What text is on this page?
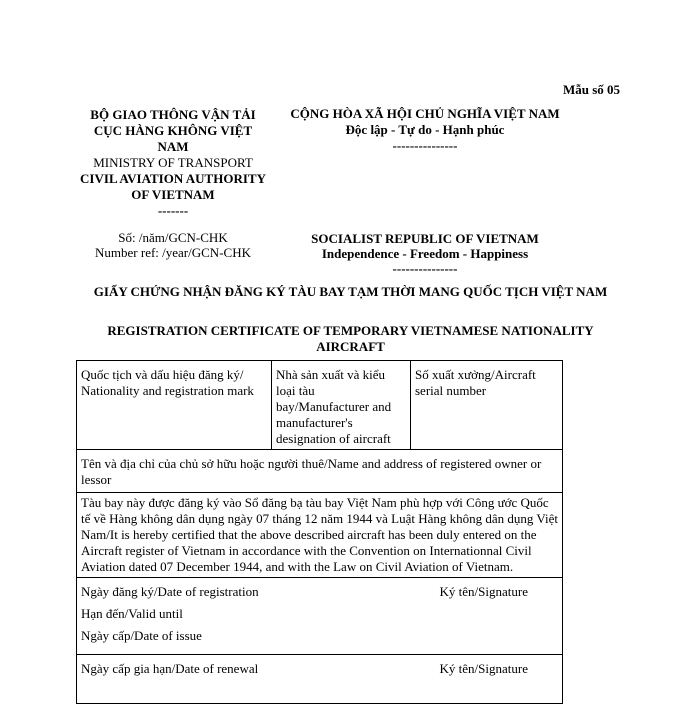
Mẫu số 05
BỘ GIAO THÔNG VẬN TẢI
CỤC HÀNG KHÔNG VIỆT NAM
MINISTRY OF TRANSPORT
CIVIL AVIATION AUTHORITY OF VIETNAM
-------
CỘNG HÒA XÃ HỘI CHỦ NGHĨA VIỆT NAM
Độc lập - Tự do - Hạnh phúc
---------------
Số: /năm/GCN-CHK
Number ref: /year/GCN-CHK
SOCIALIST REPUBLIC OF VIETNAM
Independence - Freedom - Happiness
---------------
GIẤY CHỨNG NHẬN ĐĂNG KÝ TÀU BAY TẠM THỜI MANG QUỐC TỊCH VIỆT NAM
REGISTRATION CERTIFICATE OF TEMPORARY VIETNAMESE NATIONALITY AIRCRAFT
Quốc tịch và dấu hiệu đăng ký/ Nationality and registration mark	Nhà sản xuất và kiểu loại tàu bay/Manufacturer and manufacturer's designation of aircraft	Số xuất xưởng/Aircraft serial number
Tên và địa chỉ của chủ sở hữu hoặc người thuê/Name and address of registered owner or lessor
Tàu bay này được đăng ký vào Sổ đăng bạ tàu bay Việt Nam phù hợp với Công ước Quốc tế về Hàng không dân dụng ngày 07 tháng 12 năm 1944 và Luật Hàng không dân dụng Việt Nam/It is hereby certified that the above described aircraft has been duly entered on the Aircraft register of Vietnam in accordance with the Convention on Internationnal Civil Aviation dated 07 December 1944, and with the Law on Civil Aviation of Vietnam.

Ngày đăng ký/Date of registration	Ký tên/Signature
Hạn đến/Valid until
Ngày cấp/Date of issue

Ngày cấp gia hạn/Date of renewal	Ký tên/Signature
